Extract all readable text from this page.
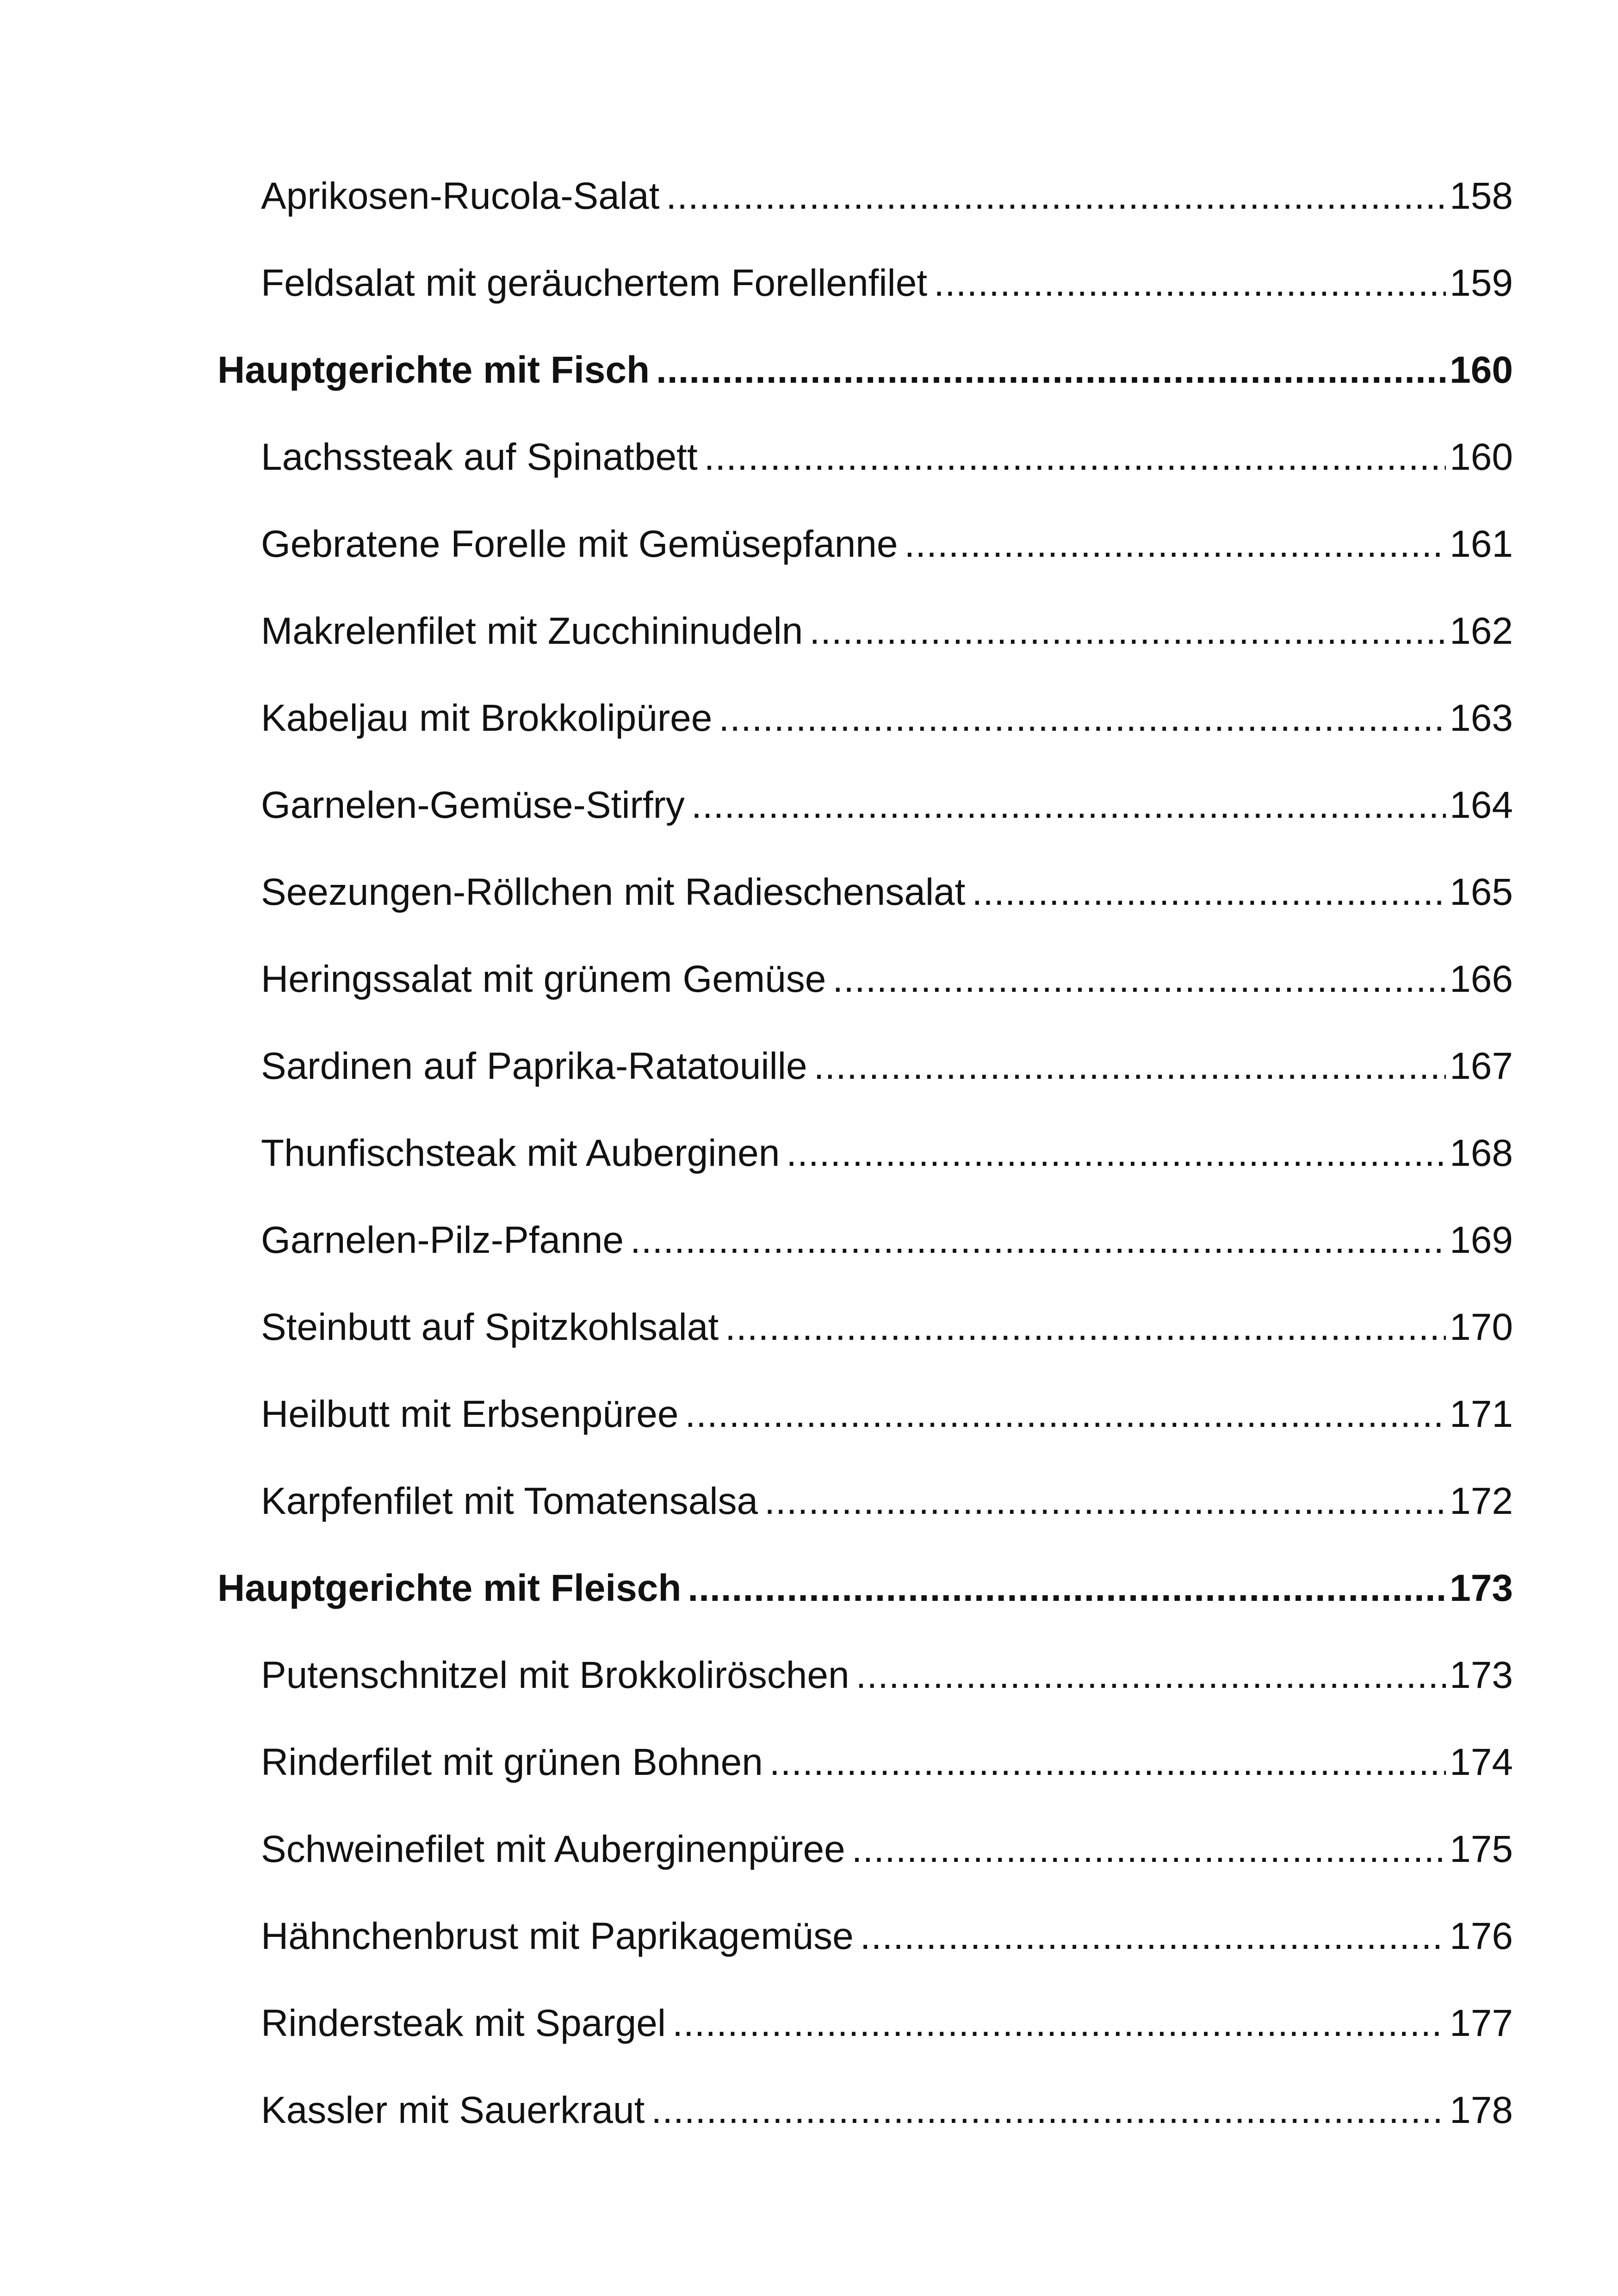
Aprikosen-Rucola-Salat .....	158
Feldsalat mit geräuchertem Forellenfilet .....	159
Hauptgerichte mit Fisch .....	160
Lachssteak auf Spinatbett .....	160
Gebratene Forelle mit Gemüsepfanne .....	161
Makrelenfilet mit Zucchininudeln .....	162
Kabeljau mit Brokkolipüree .....	163
Garnelen-Gemüse-Stirfry .....	164
Seezungen-Röllchen mit Radieschensalat .....	165
Heringssalat mit grünem Gemüse .....	166
Sardinen auf Paprika-Ratatouille .....	167
Thunfischsteak mit Auberginen .....	168
Garnelen-Pilz-Pfanne .....	169
Steinbutt auf Spitzkohlsalat .....	170
Heilbutt mit Erbsenpüree .....	171
Karpfenfilet mit Tomatensalsa .....	172
Hauptgerichte mit Fleisch .....	173
Putenschnitzel mit Brokkoliröschen .....	173
Rinderfilet mit grünen Bohnen .....	174
Schweinefilet mit Auberginenpüree .....	175
Hähnchenbrust mit Paprikagemüse .....	176
Rindersteak mit Spargel .....	177
Kassler mit Sauerkraut .....	178
